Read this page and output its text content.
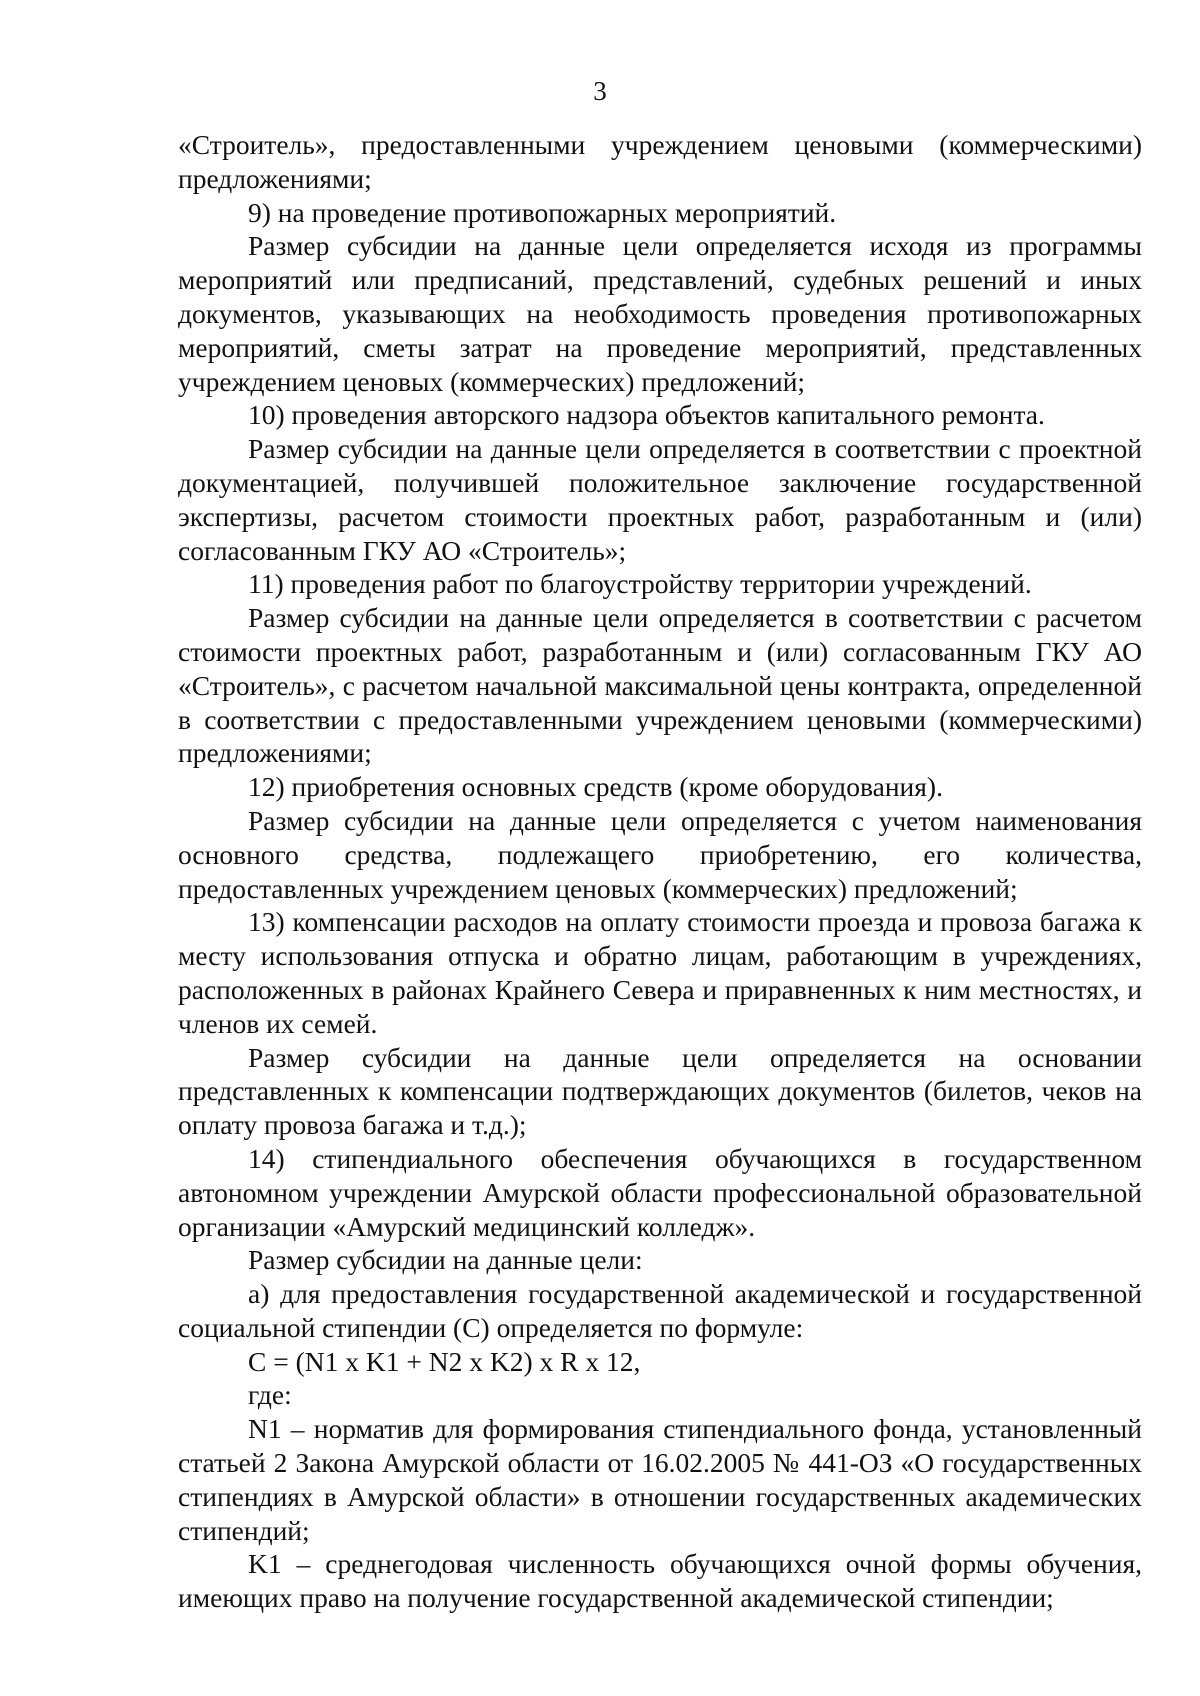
3

«Строитель», предоставленными учреждением ценовыми (коммерческими) предложениями;

9) на проведение противопожарных мероприятий.

Размер субсидии на данные цели определяется исходя из программы мероприятий или предписаний, представлений, судебных решений и иных документов, указывающих на необходимость проведения противопожарных мероприятий, сметы затрат на проведение мероприятий, представленных учреждением ценовых (коммерческих) предложений;

10) проведения авторского надзора объектов капитального ремонта.

Размер субсидии на данные цели определяется в соответствии с проектной документацией, получившей положительное заключение государственной экспертизы, расчетом стоимости проектных работ, разработанным и (или) согласованным ГКУ АО «Строитель»;

11) проведения работ по благоустройству территории учреждений.

Размер субсидии на данные цели определяется в соответствии с расчетом стоимости проектных работ, разработанным и (или) согласованным ГКУ АО «Строитель», с расчетом начальной максимальной цены контракта, определенной в соответствии с предоставленными учреждением ценовыми (коммерческими) предложениями;

12) приобретения основных средств (кроме оборудования).

Размер субсидии на данные цели определяется с учетом наименования основного средства, подлежащего приобретению, его количества, предоставленных учреждением ценовых (коммерческих) предложений;

13) компенсации расходов на оплату стоимости проезда и провоза багажа к месту использования отпуска и обратно лицам, работающим в учреждениях, расположенных в районах Крайнего Севера и приравненных к ним местностях, и членов их семей.

Размер субсидии на данные цели определяется на основании представленных к компенсации подтверждающих документов (билетов, чеков на оплату провоза багажа и т.д.);

14) стипендиального обеспечения обучающихся в государственном автономном учреждении Амурской области профессиональной образовательной организации «Амурский медицинский колледж».

Размер субсидии на данные цели:

а) для предоставления государственной академической и государственной социальной стипендии (С) определяется по формуле:

С = (N1 x K1 + N2 x K2) x R x 12,

где:

N1 – норматив для формирования стипендиального фонда, установленный статьей 2 Закона Амурской области от 16.02.2005 № 441-ОЗ «О государственных стипендиях в Амурской области» в отношении государственных академических стипендий;

K1 – среднегодовая численность обучающихся очной формы обучения, имеющих право на получение государственной академической стипендии;
